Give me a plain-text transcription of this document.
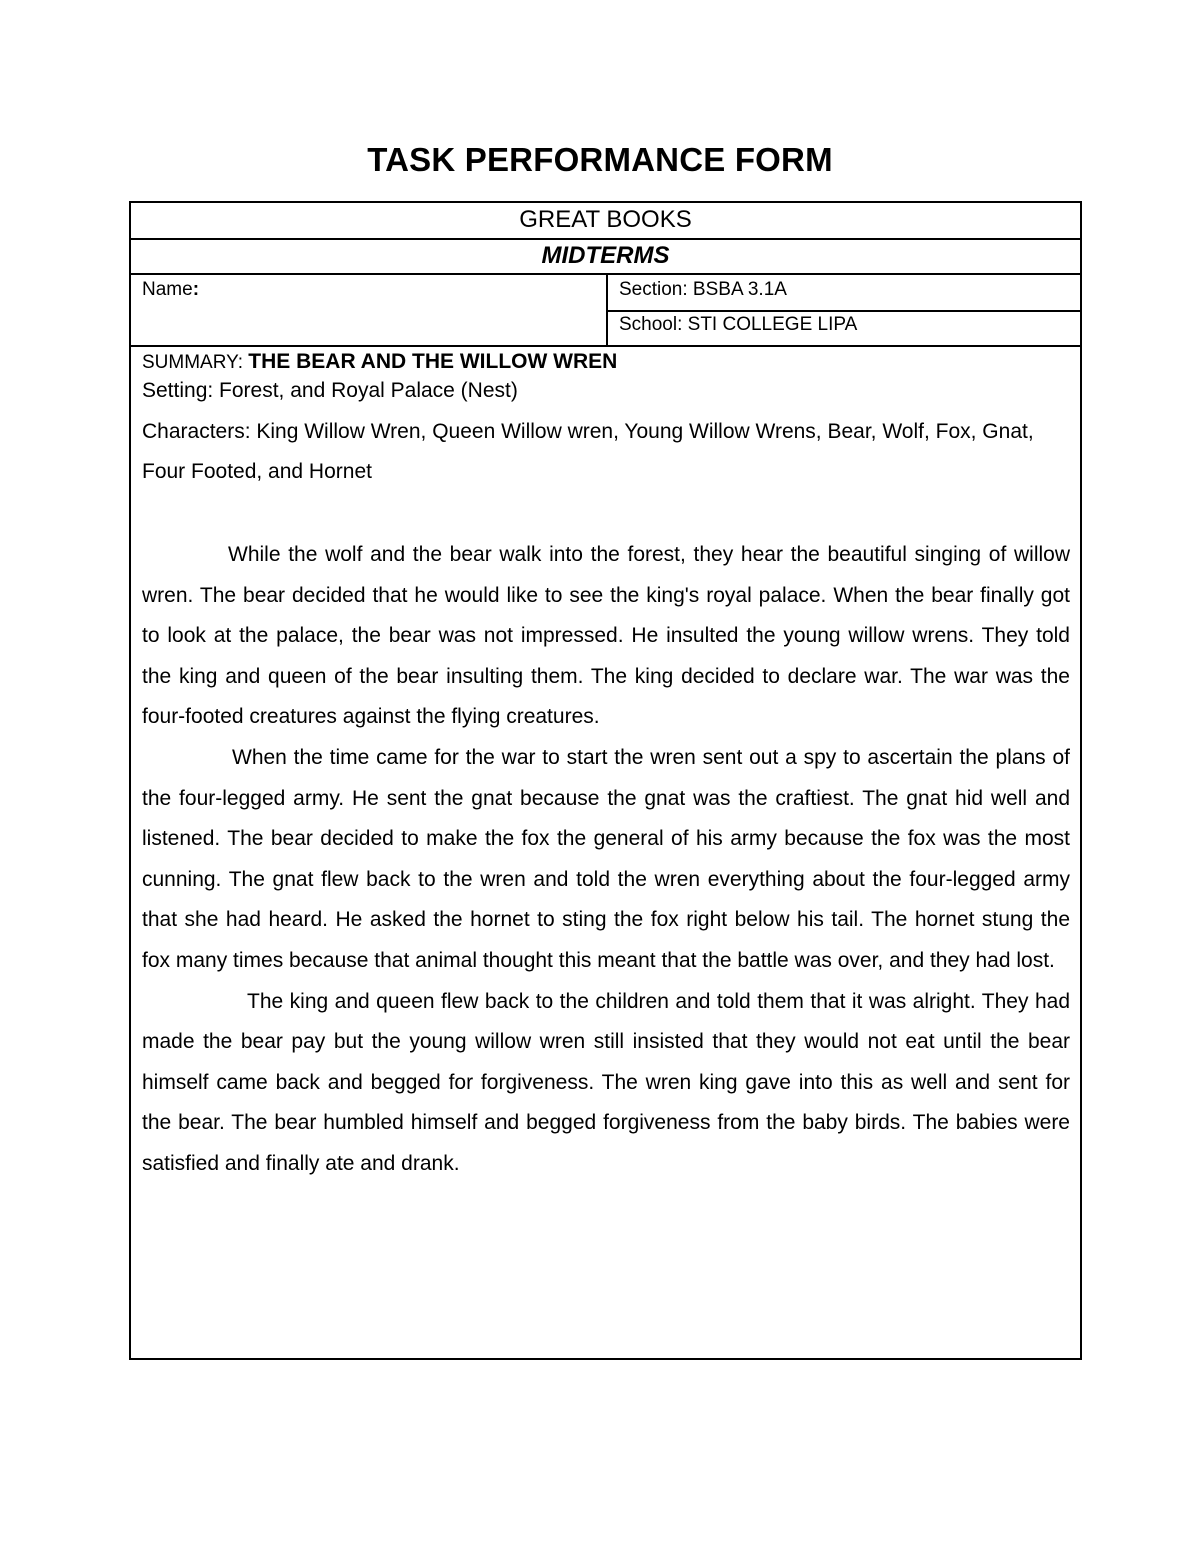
TASK PERFORMANCE FORM
GREAT BOOKS
MIDTERMS
Name:	Section: BSBA 3.1A
School: STI COLLEGE LIPA
SUMMARY: THE BEAR AND THE WILLOW WREN
Setting: Forest, and Royal Palace (Nest)
Characters: King Willow Wren, Queen Willow wren, Young Willow Wrens, Bear, Wolf, Fox, Gnat, Four Footed, and Hornet

While the wolf and the bear walk into the forest, they hear the beautiful singing of willow wren. The bear decided that he would like to see the king's royal palace. When the bear finally got to look at the palace, the bear was not impressed. He insulted the young willow wrens. They told the king and queen of the bear insulting them. The king decided to declare war. The war was the four-footed creatures against the flying creatures.

When the time came for the war to start the wren sent out a spy to ascertain the plans of the four-legged army. He sent the gnat because the gnat was the craftiest. The gnat hid well and listened. The bear decided to make the fox the general of his army because the fox was the most cunning. The gnat flew back to the wren and told the wren everything about the four-legged army that she had heard. He asked the hornet to sting the fox right below his tail. The hornet stung the fox many times because that animal thought this meant that the battle was over, and they had lost.

The king and queen flew back to the children and told them that it was alright. They had made the bear pay but the young willow wren still insisted that they would not eat until the bear himself came back and begged for forgiveness. The wren king gave into this as well and sent for the bear. The bear humbled himself and begged forgiveness from the baby birds. The babies were satisfied and finally ate and drank.
